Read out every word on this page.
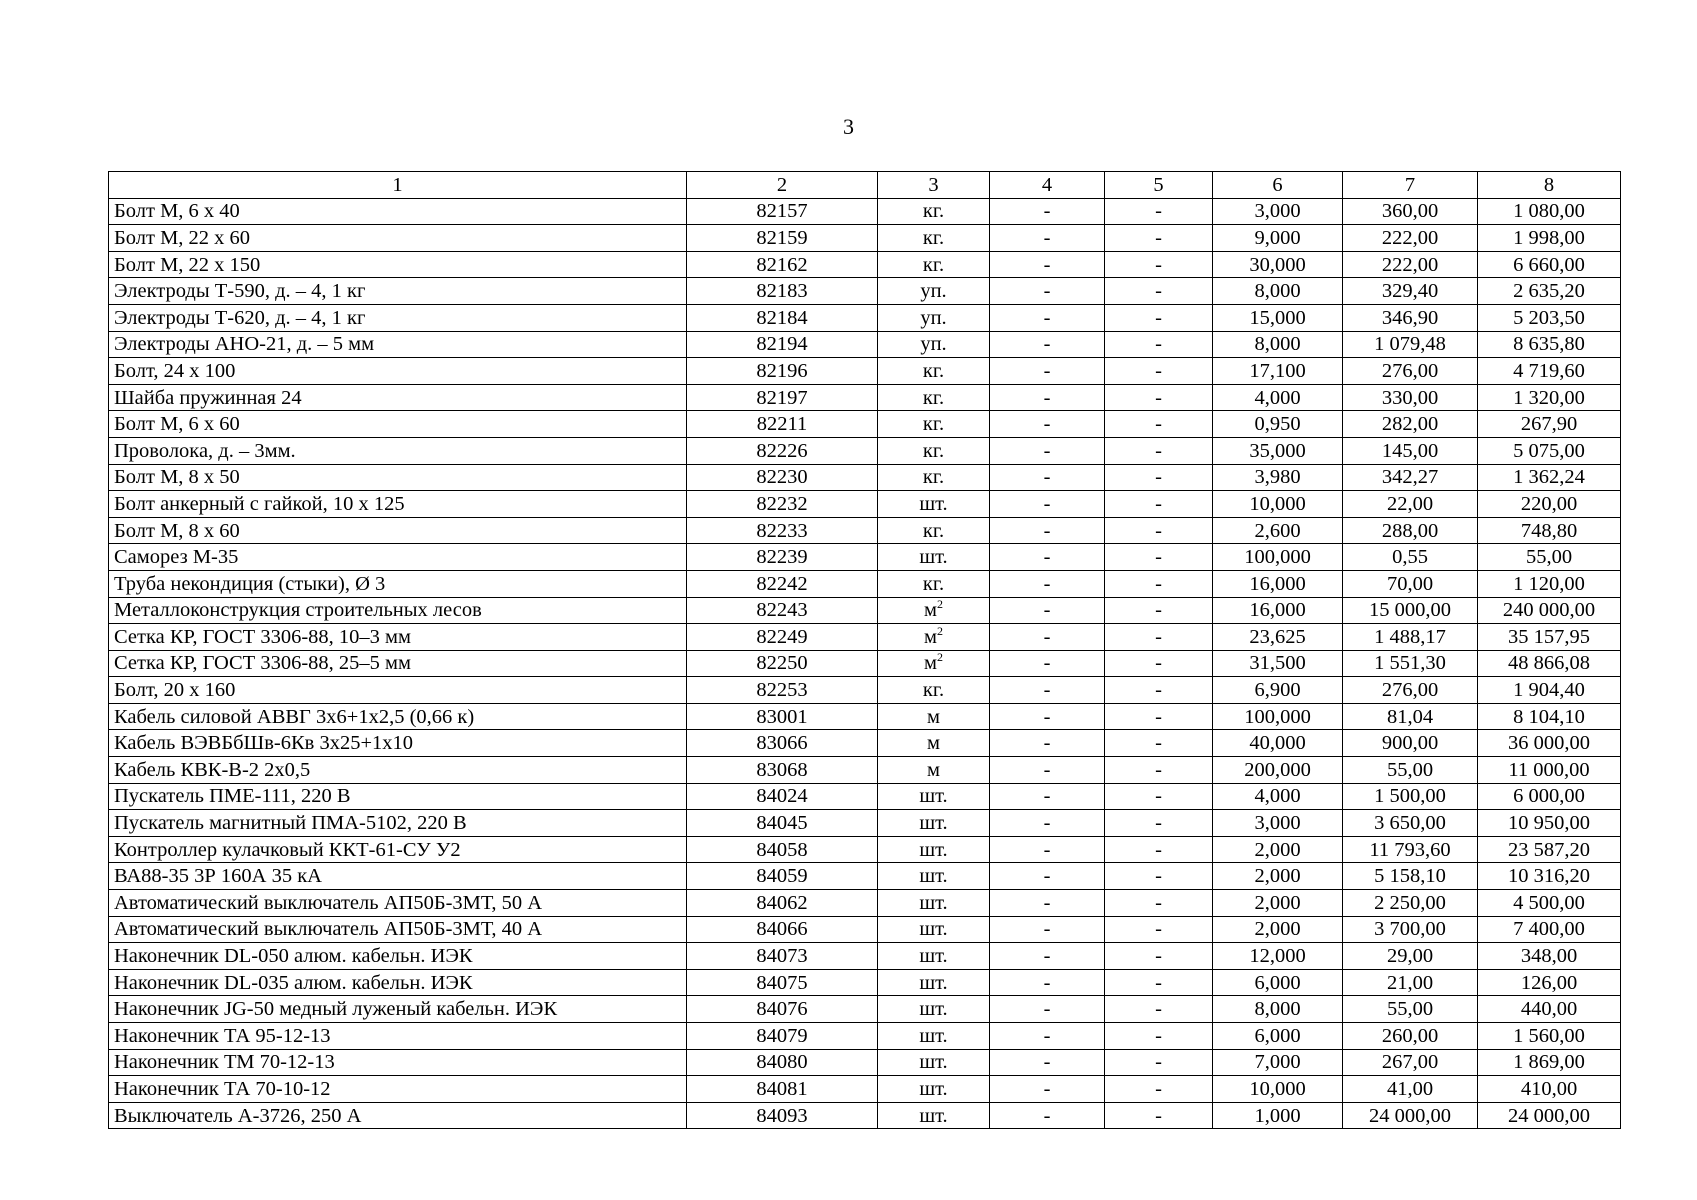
3
1	2	3	4	5	6	7	8
Болт М, 6 х 40	82157	кг.	-	-	3,000	360,00	1 080,00
Болт М, 22 х 60	82159	кг.	-	-	9,000	222,00	1 998,00
Болт М, 22 х 150	82162	кг.	-	-	30,000	222,00	6 660,00
Электроды Т-590, д. – 4, 1 кг	82183	уп.	-	-	8,000	329,40	2 635,20
Электроды Т-620, д. – 4, 1 кг	82184	уп.	-	-	15,000	346,90	5 203,50
Электроды АНО-21, д. – 5 мм	82194	уп.	-	-	8,000	1 079,48	8 635,80
Болт, 24 х 100	82196	кг.	-	-	17,100	276,00	4 719,60
Шайба пружинная 24	82197	кг.	-	-	4,000	330,00	1 320,00
Болт М, 6 х 60	82211	кг.	-	-	0,950	282,00	267,90
Проволока, д. – 3мм.	82226	кг.	-	-	35,000	145,00	5 075,00
Болт М, 8 х 50	82230	кг.	-	-	3,980	342,27	1 362,24
Болт анкерный с гайкой, 10 х 125	82232	шт.	-	-	10,000	22,00	220,00
Болт М, 8 х 60	82233	кг.	-	-	2,600	288,00	748,80
Саморез М-35	82239	шт.	-	-	100,000	0,55	55,00
Труба некондиция (стыки), Ø 3	82242	кг.	-	-	16,000	70,00	1 120,00
Металлоконструкция строительных лесов	82243	$м^2$	-	-	16,000	15 000,00	240 000,00
Сетка КР, ГОСТ 3306-88, 10–3 мм	82249	$м^2$	-	-	23,625	1 488,17	35 157,95
Сетка КР, ГОСТ 3306-88, 25–5 мм	82250	$м^2$	-	-	31,500	1 551,30	48 866,08
Болт, 20 х 160	82253	кг.	-	-	6,900	276,00	1 904,40
Кабель силовой АВВГ 3х6+1х2,5 (0,66 к)	83001	м	-	-	100,000	81,04	8 104,10
Кабель ВЭВБбШв-6Кв 3х25+1х10	83066	м	-	-	40,000	900,00	36 000,00
Кабель КВК-В-2 2х0,5	83068	м	-	-	200,000	55,00	11 000,00
Пускатель ПМЕ-111, 220 В	84024	шт.	-	-	4,000	1 500,00	6 000,00
Пускатель магнитный ПМА-5102, 220 В	84045	шт.	-	-	3,000	3 650,00	10 950,00
Контроллер кулачковый ККТ-61-СУ У2	84058	шт.	-	-	2,000	11 793,60	23 587,20
ВА88-35 3Р 160А 35 кА	84059	шт.	-	-	2,000	5 158,10	10 316,20
Автоматический выключатель АП50Б-3МТ, 50 А	84062	шт.	-	-	2,000	2 250,00	4 500,00
Автоматический выключатель АП50Б-3МТ, 40 А	84066	шт.	-	-	2,000	3 700,00	7 400,00
Наконечник DL-050 алюм. кабельн. ИЭК	84073	шт.	-	-	12,000	29,00	348,00
Наконечник DL-035 алюм. кабельн. ИЭК	84075	шт.	-	-	6,000	21,00	126,00
Наконечник JG-50 медный луженый кабельн. ИЭК	84076	шт.	-	-	8,000	55,00	440,00
Наконечник ТА 95-12-13	84079	шт.	-	-	6,000	260,00	1 560,00
Наконечник ТМ 70-12-13	84080	шт.	-	-	7,000	267,00	1 869,00
Наконечник ТА 70-10-12	84081	шт.	-	-	10,000	41,00	410,00
Выключатель А-3726, 250 А	84093	шт.	-	-	1,000	24 000,00	24 000,00
